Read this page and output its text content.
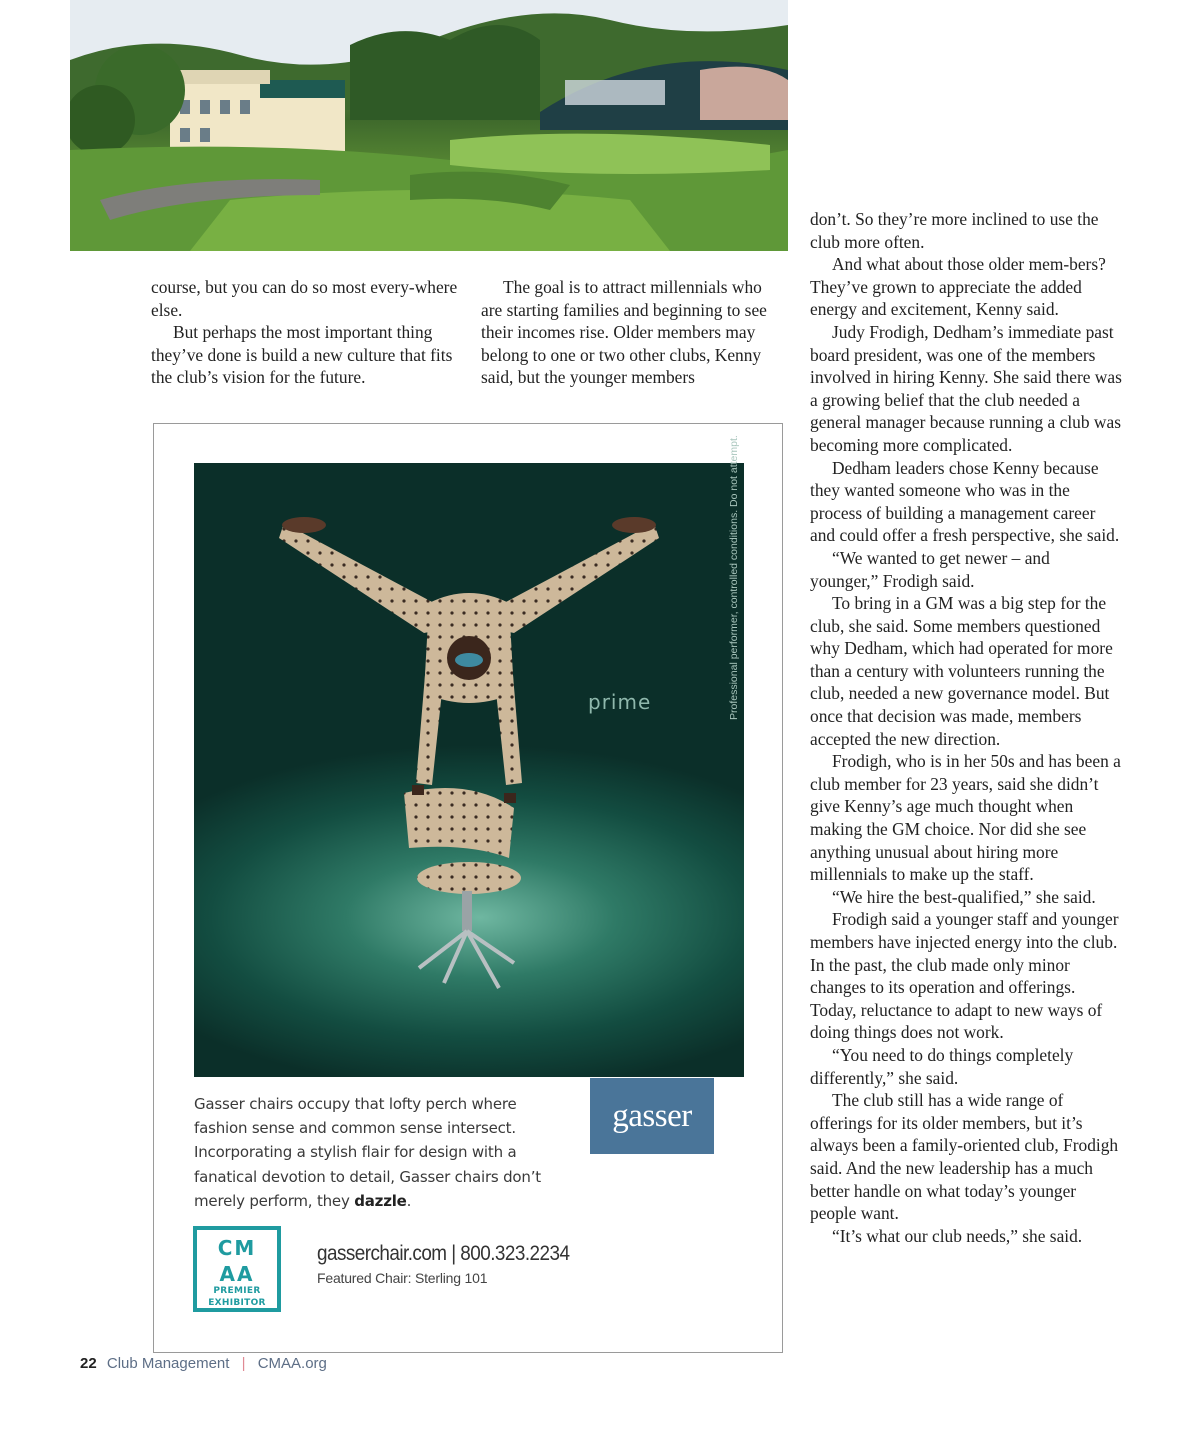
course, but you can do so most every-where else.

But perhaps the most important thing they’ve done is build a new culture that fits the club’s vision for the future.

The goal is to attract millennials who are starting families and beginning to see their incomes rise. Older members may belong to one or two other clubs, Kenny said, but the younger members

don’t. So they’re more inclined to use the club more often.

And what about those older mem-bers? They’ve grown to appreciate the added energy and excitement, Kenny said.

Judy Frodigh, Dedham’s immediate past board president, was one of the members involved in hiring Kenny. She said there was a growing belief that the club needed a general manager because running a club was becoming more complicated.

Dedham leaders chose Kenny because they wanted someone who was in the process of building a management career and could offer a fresh perspective, she said.

“We wanted to get newer – and younger,” Frodigh said.

To bring in a GM was a big step for the club, she said. Some members questioned why Dedham, which had operated for more than a century with volunteers running the club, needed a new governance model. But once that decision was made, members accepted the new direction.

Frodigh, who is in her 50s and has been a club member for 23 years, said she didn’t give Kenny’s age much thought when making the GM choice. Nor did she see anything unusual about hiring more millennials to make up the staff.

“We hire the best-qualified,” she said.

Frodigh said a younger staff and younger members have injected energy into the club. In the past, the club made only minor changes to its operation and offerings. Today, reluctance to adapt to new ways of doing things does not work.

“You need to do things completely differently,” she said.

The club still has a wide range of offerings for its older members, but it’s always been a family-oriented club, Frodigh said. And the new leadership has a much better handle on what today’s younger people want.

“It’s what our club needs,” she said.

prime	Professional performer, controlled conditions. Do not attempt.
gasser
Gasser chairs occupy that lofty perch where fashion sense and common sense intersect. Incorporating a stylish flair for design with a fanatical devotion to detail, Gasser chairs don’t merely perform, they dazzle.
CM
AA
PREMIER
EXHIBITOR
gasserchair.com | 800.323.2234
Featured Chair: Sterling 101
22 Club Management | CMAA.org
